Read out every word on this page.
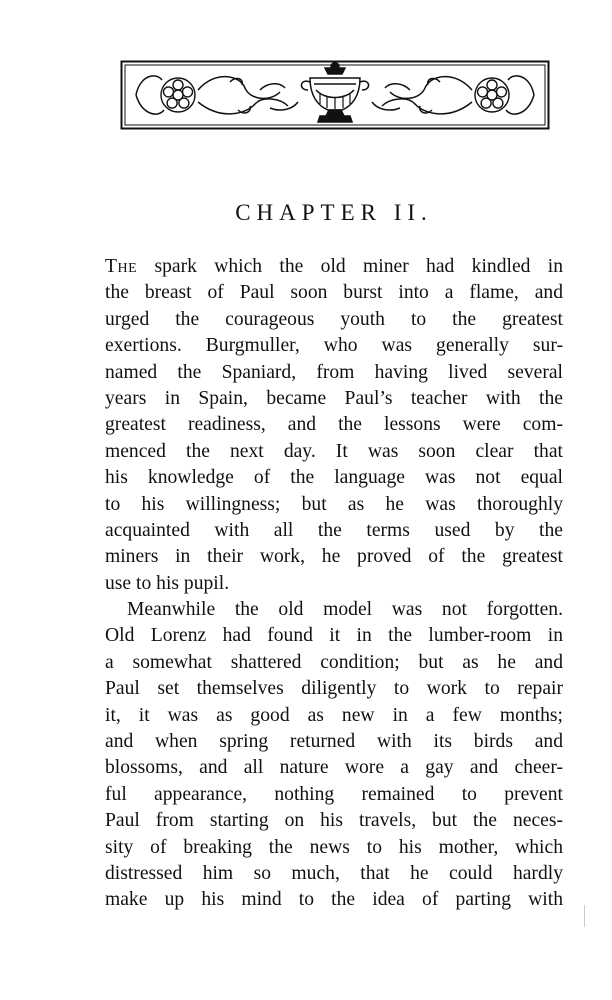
CHAPTER II.
The spark which the old miner had kindled in
the breast of Paul soon burst into a flame, and
urged the courageous youth to the greatest
exertions. Burgmuller, who was generally sur-
named the Spaniard, from having lived several
years in Spain, became Paul’s teacher with the
greatest readiness, and the lessons were com-
menced the next day. It was soon clear that
his knowledge of the language was not equal
to his willingness; but as he was thoroughly
acquainted with all the terms used by the
miners in their work, he proved of the greatest
use to his pupil.
Meanwhile the old model was not forgotten.
Old Lorenz had found it in the lumber-room in
a somewhat shattered condition; but as he and
Paul set themselves diligently to work to repair
it, it was as good as new in a few months;
and when spring returned with its birds and
blossoms, and all nature wore a gay and cheer-
ful appearance, nothing remained to prevent
Paul from starting on his travels, but the neces-
sity of breaking the news to his mother, which
distressed him so much, that he could hardly
make up his mind to the idea of parting with
